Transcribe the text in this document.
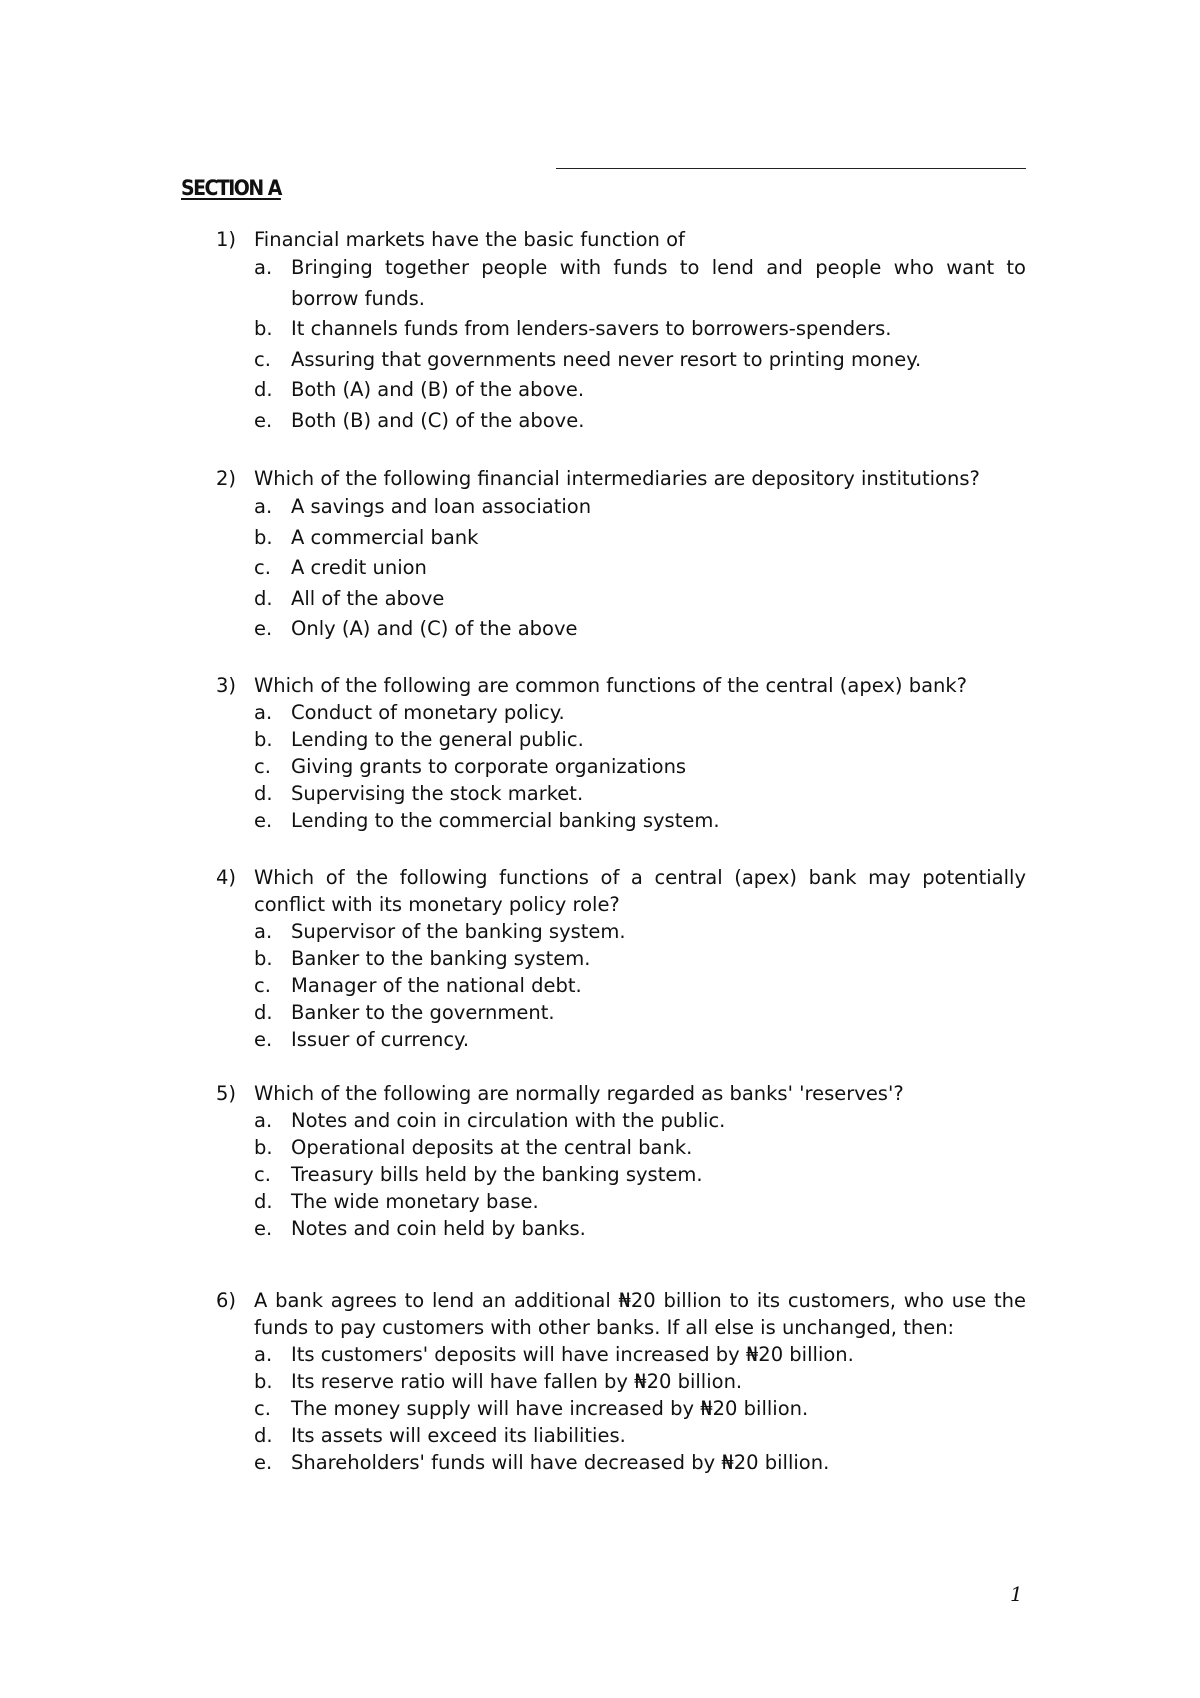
SECTION A
1) Financial markets have the basic function of
a. Bringing together people with funds to lend and people who want to borrow funds.
b. It channels funds from lenders-savers to borrowers-spenders.
c.	Assuring that governments need never resort to printing money.
d. Both (A) and (B) of the above.
e. Both (B) and (C) of the above.
2) Which of the following financial intermediaries are depository institutions?
a. A savings and loan association
b. A commercial bank
c.	A credit union
d. All of the above
e. Only (A) and (C) of the above
3) Which of the following are common functions of the central (apex) bank?
a. Conduct of monetary policy.
b. Lending to the general public.
c.	Giving grants to corporate organizations
d. Supervising the stock market.
e. Lending to the commercial banking system.
4) Which of the following functions of a central (apex) bank may potentially conflict with its monetary policy role?
a. Supervisor of the banking system.
b. Banker to the banking system.
c.	Manager of the national debt.
d. Banker to the government.
e. Issuer of currency.
5) Which of the following are normally regarded as banks' 'reserves'?
a. Notes and coin in circulation with the public.
b. Operational deposits at the central bank.
c.	Treasury bills held by the banking system.
d. The wide monetary base.
e. Notes and coin held by banks.
6) A bank agrees to lend an additional ₦20 billion to its customers, who use the funds to pay customers with other banks. If all else is unchanged, then:
a. Its customers' deposits will have increased by ₦20 billion.
b. Its reserve ratio will have fallen by ₦20 billion.
c.	The money supply will have increased by ₦20 billion.
d. Its assets will exceed its liabilities.
e. Shareholders' funds will have decreased by ₦20 billion.
1
